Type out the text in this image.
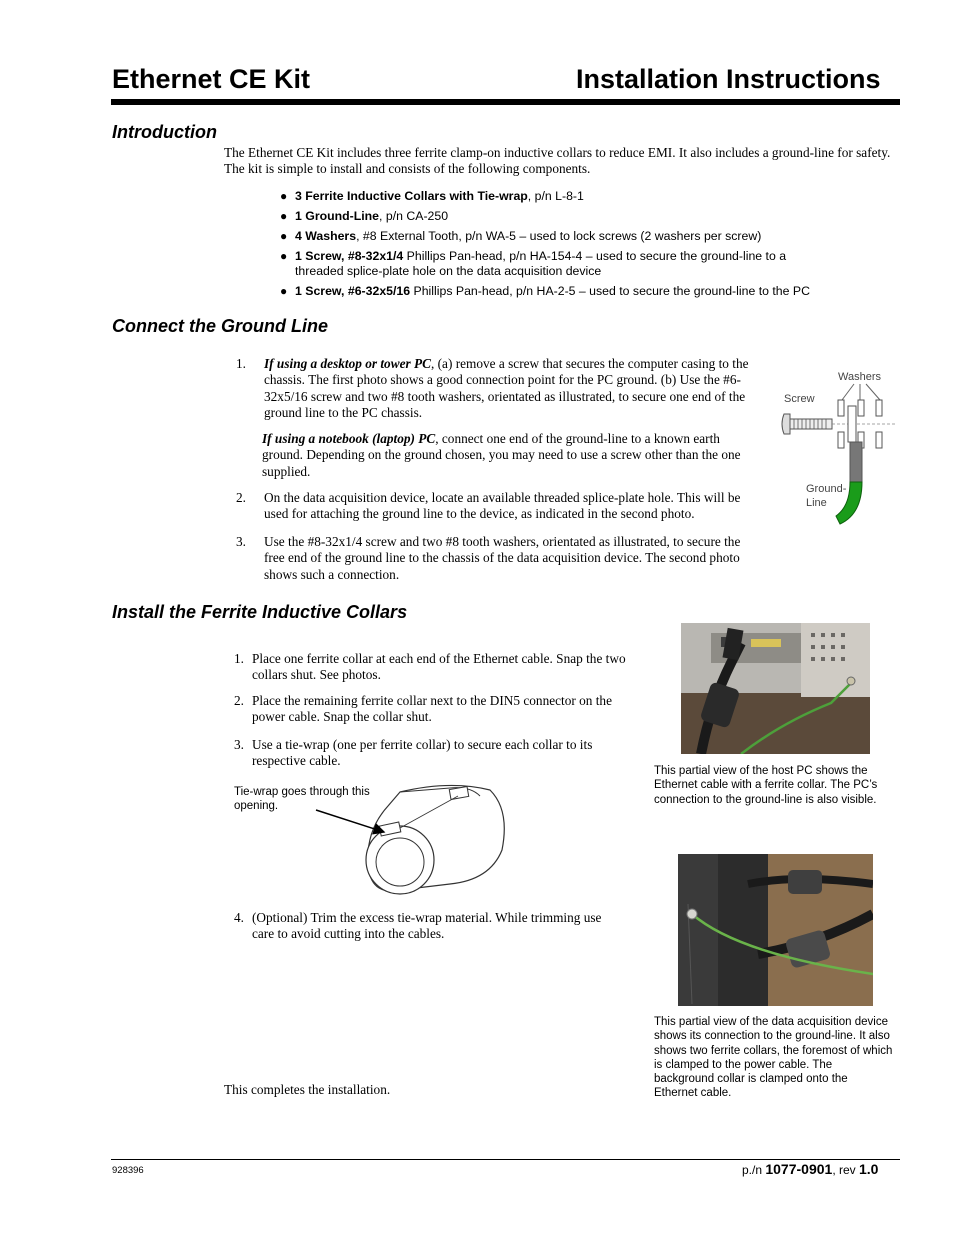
Ethernet CE Kit	Installation Instructions
Introduction
The Ethernet CE Kit includes three ferrite clamp-on inductive collars to reduce EMI. It also includes a ground-line for safety. The kit is simple to install and consists of the following components.
● 3 Ferrite Inductive Collars with Tie-wrap, p/n L-8-1
● 1 Ground-Line, p/n CA-250
● 4 Washers, #8 External Tooth, p/n WA-5 – used to lock screws (2 washers per screw)
● 1 Screw, #8-32x1/4 Phillips Pan-head, p/n HA-154-4 – used to secure the ground-line to a threaded splice-plate hole on the data acquisition device
● 1 Screw, #6-32x5/16 Phillips Pan-head, p/n HA-2-5 – used to secure the ground-line to the PC
Connect the Ground Line
1. If using a desktop or tower PC, (a) remove a screw that secures the computer casing to the chassis. The first photo shows a good connection point for the PC ground. (b) Use the #6-32x5/16 screw and two #8 tooth washers, orientated as illustrated, to secure one end of the ground line to the PC chassis.
If using a notebook (laptop) PC, connect one end of the ground-line to a known earth ground. Depending on the ground chosen, you may need to use a screw other than the one supplied.
2. On the data acquisition device, locate an available threaded splice-plate hole. This will be used for attaching the ground line to the device, as indicated in the second photo.
3. Use the #8-32x1/4 screw and two #8 tooth washers, orientated as illustrated, to secure the free end of the ground line to the chassis of the data acquisition device. The second photo shows such a connection.
Washers
Screw
Ground-
Line
Install the Ferrite Inductive Collars
1. Place one ferrite collar at each end of the Ethernet cable. Snap the two collars shut. See photos.
2. Place the remaining ferrite collar next to the DIN5 connector on the power cable. Snap the collar shut.
3. Use a tie-wrap (one per ferrite collar) to secure each collar to its respective cable.
Tie-wrap goes through this opening.
4. (Optional) Trim the excess tie-wrap material. While trimming use care to avoid cutting into the cables.
This completes the installation.
This partial view of the host PC shows the Ethernet cable with a ferrite collar. The PC’s connection to the ground-line is also visible.
This partial view of the data acquisition device shows its connection to the ground-line. It also shows two ferrite collars, the foremost of which is clamped to the power cable. The background collar is clamped onto the Ethernet cable.
928396	p./n 1077-0901, rev 1.0
